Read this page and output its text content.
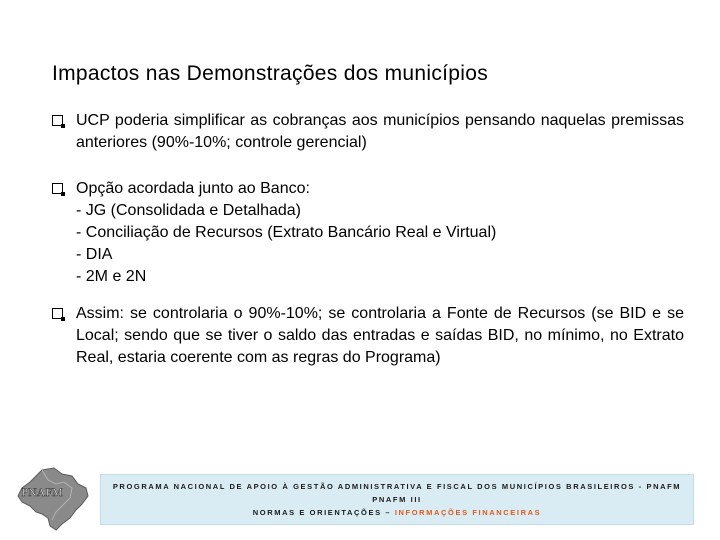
Impactos nas Demonstrações dos municípios
UCP poderia simplificar as cobranças aos municípios pensando naquelas premissas anteriores (90%-10%; controle gerencial)
Opção acordada junto ao Banco:
- JG (Consolidada e Detalhada)
- Conciliação de Recursos (Extrato Bancário Real e Virtual)
- DIA
- 2M e 2N
Assim: se controlaria o 90%-10%; se controlaria a Fonte de Recursos (se BID e se Local; sendo que se tiver o saldo das entradas e saídas BID, no mínimo, no Extrato Real, estaria coerente com as regras do Programa)
PNAFM	PROGRAMA NACIONAL DE APOIO À GESTÃO ADMINISTRATIVA E FISCAL DOS MUNICÍPIOS BRASILEIROS - PNAFM
PNAFM III
NORMAS E ORIENTAÇÕES – INFORMAÇÕES FINANCEIRAS
